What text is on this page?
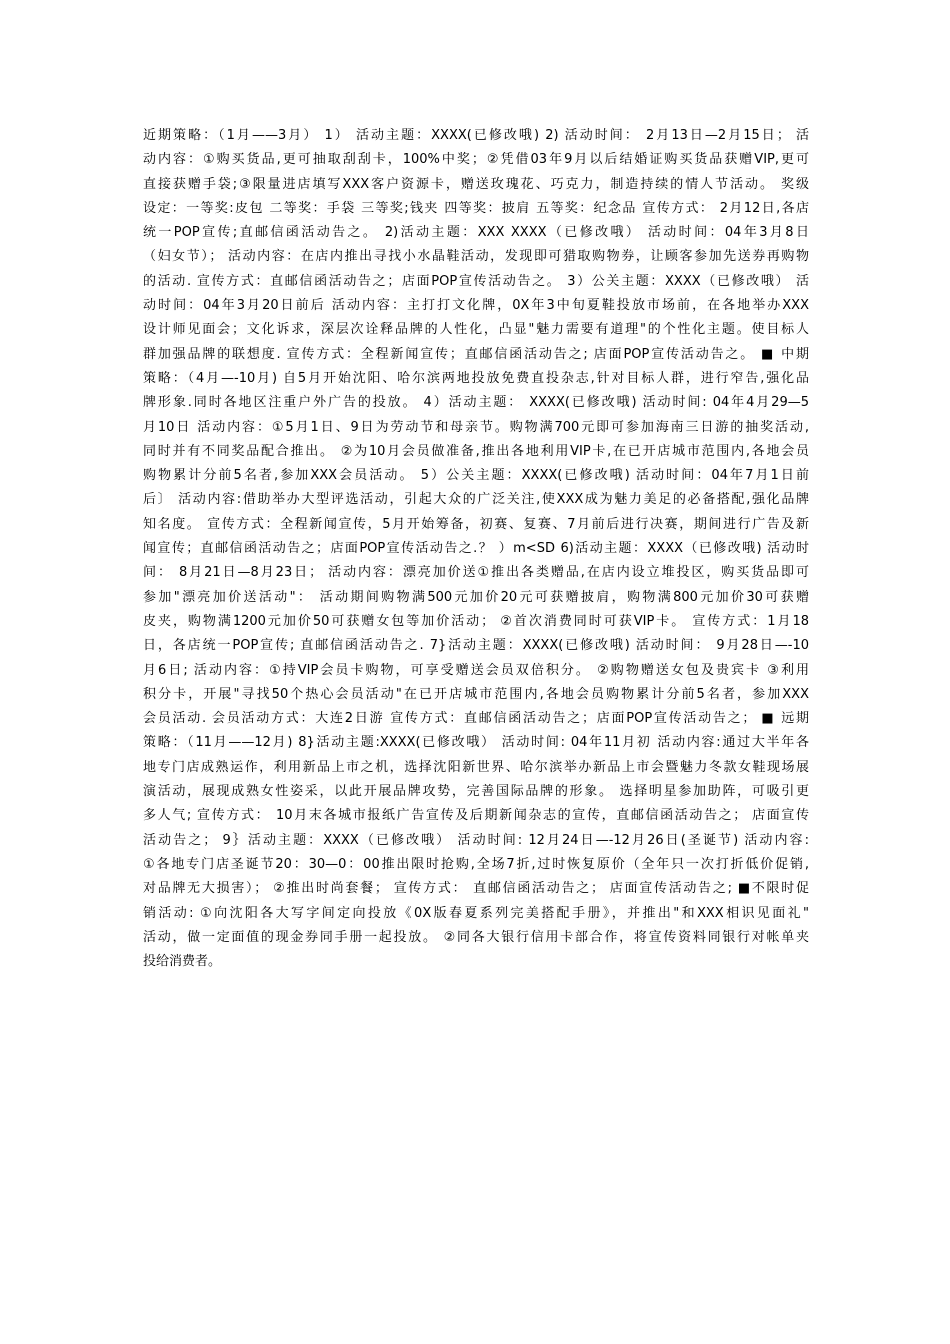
近期策略：（1月——3月） 1） 活动主题：XXXX(已修改哦) 2) 活动时间： 2月13日—2月15日； 活
动内容：①购买货品,更可抽取刮刮卡，100%中奖；②凭借03年9月以后结婚证购买货品获赠VIP,更可
直接获赠手袋;③限量进店填写XXX客户资源卡，赠送玫瑰花、巧克力，制造持续的情人节活动。 奖级
设定：一等奖:皮包 二等奖：手袋 三等奖;钱夹 四等奖：披肩 五等奖：纪念品 宣传方式： 2月12日,各店
统一POP宣传;直邮信函活动告之。 2)活动主题：XXX XXXX（已修改哦） 活动时间：04年3月8日
（妇女节）； 活动内容：在店内推出寻找小水晶鞋活动，发现即可猎取购物券，让顾客参加先送券再购物
的活动. 宣传方式：直邮信函活动告之；店面POP宣传活动告之。 3）公关主题：XXXX（已修改哦） 活
动时间：04年3月20日前后 活动内容：主打打文化牌，0X年3中旬夏鞋投放市场前，在各地举办XXX
设计师见面会；文化诉求，深层次诠释品牌的人性化，凸显"魅力需要有道理"的个性化主题。使目标人
群加强品牌的联想度. 宣传方式：全程新闻宣传；直邮信函活动告之; 店面POP宣传活动告之。 ■ 中期
策略：（4月—-10月) 自5月开始沈阳、哈尔滨两地投放免费直投杂志,针对目标人群，进行窄告,强化品
牌形象.同时各地区注重户外广告的投放。 4）活动主题： XXXX(已修改哦) 活动时间: 04年4月29—5
月10日 活动内容：①5月1日、9日为劳动节和母亲节。购物满700元即可参加海南三日游的抽奖活动,
同时并有不同奖品配合推出。 ②为10月会员做准备,推出各地利用VIP卡,在已开店城市范围内,各地会员
购物累计分前5名者,参加XXX会员活动。 5）公关主题：XXXX(已修改哦) 活动时间：04年7月1日前
后〕 活动内容:借助举办大型评选活动，引起大众的广泛关注,使XXX成为魅力美足的必备搭配,强化品牌
知名度。 宣传方式：全程新闻宣传，5月开始筹备，初赛、复赛、7月前后进行决赛，期间进行广告及新
闻宣传；直邮信函活动告之；店面POP宣传活动告之.？ ）m<SD 6)活动主题：XXXX（已修改哦) 活动时
间： 8月21日—8月23日； 活动内容：漂亮加价送①推出各类赠品,在店内设立堆投区，购买货品即可
参加"漂亮加价送活动"： 活动期间购物满500元加价20元可获赠披肩，购物满800元加价30可获赠
皮夹，购物满1200元加价50可获赠女包等加价活动； ②首次消费同时可获VIP卡。 宣传方式：1月18
日，各店统一POP宣传; 直邮信函活动告之. 7}活动主题：XXXX(已修改哦) 活动时间： 9月28日—-10
月6日; 活动内容：①持VIP会员卡购物，可享受赠送会员双倍积分。 ②购物赠送女包及贵宾卡 ③利用
积分卡，开展"寻找50个热心会员活动"在已开店城市范围内,各地会员购物累计分前5名者，参加XXX
会员活动. 会员活动方式：大连2日游 宣传方式：直邮信函活动告之；店面POP宣传活动告之； ■ 远期
策略：（11月——12月) 8}活动主题:XXXX(已修改哦） 活动时间: 04年11月初 活动内容:通过大半年各
地专门店成熟运作，利用新品上市之机，选择沈阳新世界、哈尔滨举办新品上市会暨魅力冬款女鞋现场展
演活动，展现成熟女性姿采，以此开展品牌攻势，完善国际品牌的形象。 选择明星参加助阵，可吸引更
多人气; 宣传方式： 10月末各城市报纸广告宣传及后期新闻杂志的宣传，直邮信函活动告之； 店面宣传
活动告之； 9｝活动主题：XXXX（已修改哦） 活动时间: 12月24日—-12月26日(圣诞节) 活动内容:
①各地专门店圣诞节20：30—0：00推出限时抢购,全场7折,过时恢复原价（全年只一次打折低价促销,
对品牌无大损害）； ②推出时尚套餐； 宣传方式： 直邮信函活动告之； 店面宣传活动告之; ■不限时促
销活动: ①向沈阳各大写字间定向投放《0X版春夏系列完美搭配手册》，并推出"和XXX相识见面礼"
活动，做一定面值的现金券同手册一起投放。 ②同各大银行信用卡部合作，将宣传资料同银行对帐单夹
投给消费者。
